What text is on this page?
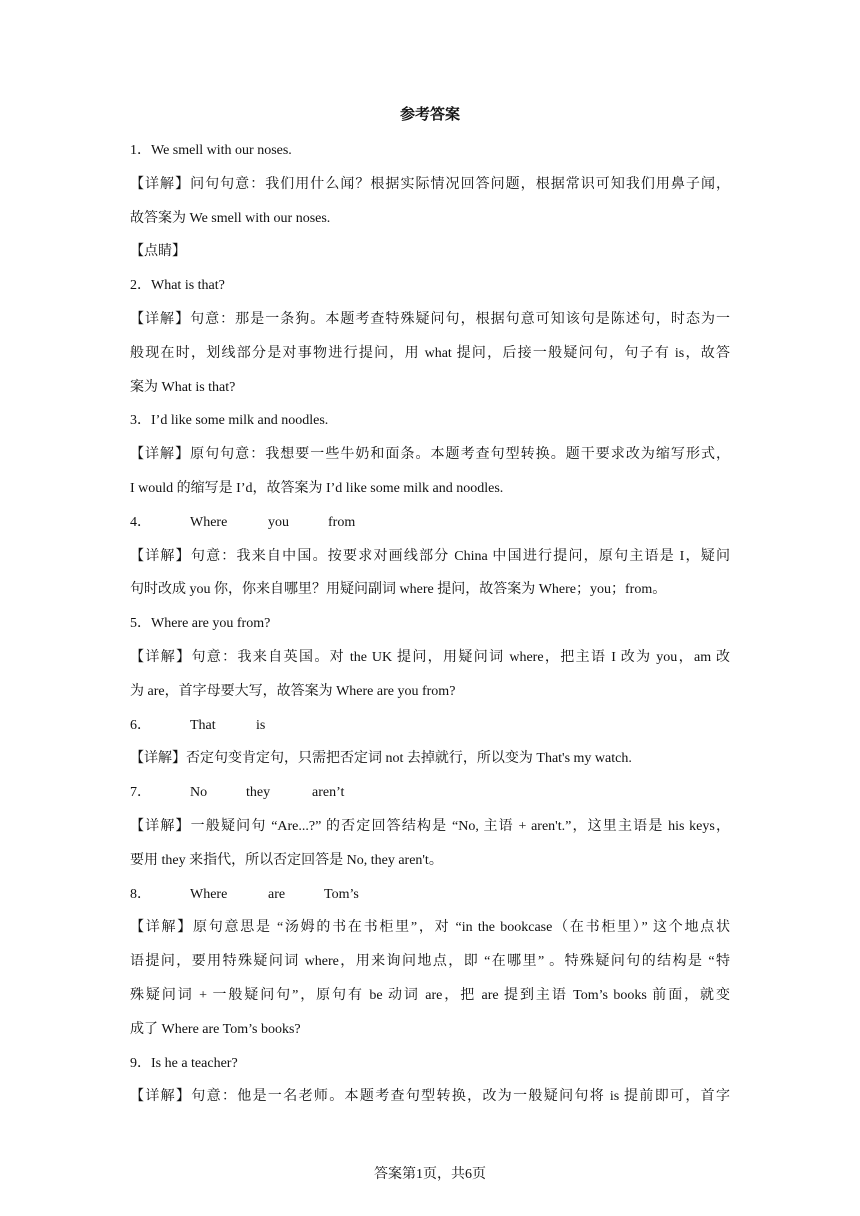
参考答案
1．We smell with our noses.
【详解】问句句意：我们用什么闻？根据实际情况回答问题，根据常识可知我们用鼻子闻，
故答案为 We smell with our noses.
【点睛】
2．What is that?
【详解】句意：那是一条狗。本题考查特殊疑问句，根据句意可知该句是陈述句，时态为一
般现在时，划线部分是对事物进行提问，用 what 提问，后接一般疑问句，句子有 is，故答
案为 What is that?
3．I’d like some milk and noodles.
【详解】原句句意：我想要一些牛奶和面条。本题考查句型转换。题干要求改为缩写形式，
I would 的缩写是 I’d，故答案为 I’d like some milk and noodles.
4．	Where	you	from
【详解】句意：我来自中国。按要求对画线部分 China 中国进行提问，原句主语是 I，疑问
句时改成 you 你，你来自哪里？用疑问副词 where 提问，故答案为 Where；you；from。
5．Where are you from?
【详解】句意：我来自英国。对 the UK 提问，用疑问词 where，把主语 I 改为 you，am 改
为 are，首字母要大写，故答案为 Where are you from?
6．	That	is
【详解】否定句变肯定句，只需把否定词 not 去掉就行，所以变为 That's my watch.
7．	No	they	aren’t
【详解】一般疑问句 “Are...?” 的否定回答结构是 “No, 主语 + aren't.”，这里主语是 his keys，
要用 they 来指代，所以否定回答是 No, they aren't。
8．	Where	are	Tom’s
【详解】原句意思是 “汤姆的书在书柜里”，对 “in the bookcase（在书柜里）” 这个地点状
语提问，要用特殊疑问词 where，用来询问地点，即 “在哪里” 。特殊疑问句的结构是 “特
殊疑问词 + 一般疑问句”，原句有 be 动词 are，把 are 提到主语 Tom’s books 前面，就变
成了 Where are Tom’s books?
9．Is he a teacher?
【详解】句意：他是一名老师。本题考查句型转换，改为一般疑问句将 is 提前即可，首字
答案第1页，共6页
